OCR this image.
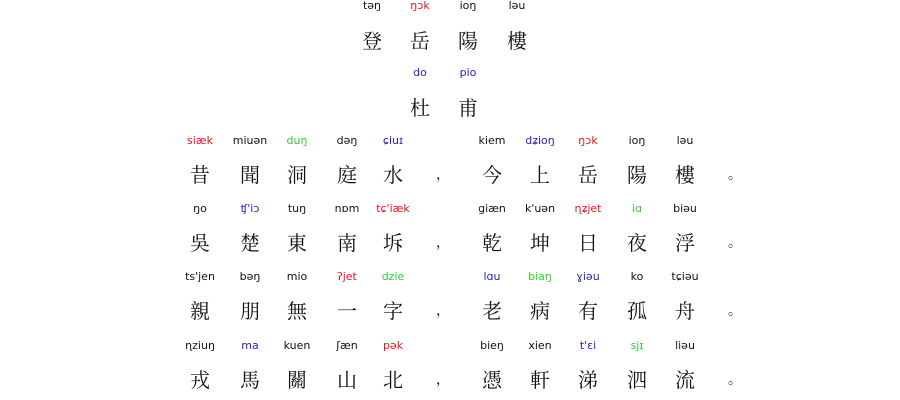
təŋ	ŋɔk	ioŋ	ləu
登 岳 陽 樓
do	pio
杜 甫
siæk miuən duŋ	dəŋ ɕiuɪ	kiem dʑioŋ ŋɔk	ioŋ	ləu
昔 聞 洞 庭 水	今 上 岳 陽 樓
，	。
ŋo	ʧ'iɔ	tuŋ	nɒm tɕ'iæk	giæn k'uən ɳʑjet	iɑ	biəu
吳 楚 東 南 坼	乾 坤 日 夜 浮
，	。
ts'jen bəŋ mio	ʔjet dzie	lɑu	biaŋ ɣiəu	ko	tɕiəu
親 朋 無 一 字	老 病 有 孤 舟
，	。
ɳziuŋ ma kuen ʃæn pək	bieŋ xien	t'ɛi	sjɪ	liəu
戎 馬 關 山 北	憑 軒 涕 泗 流
，	。
